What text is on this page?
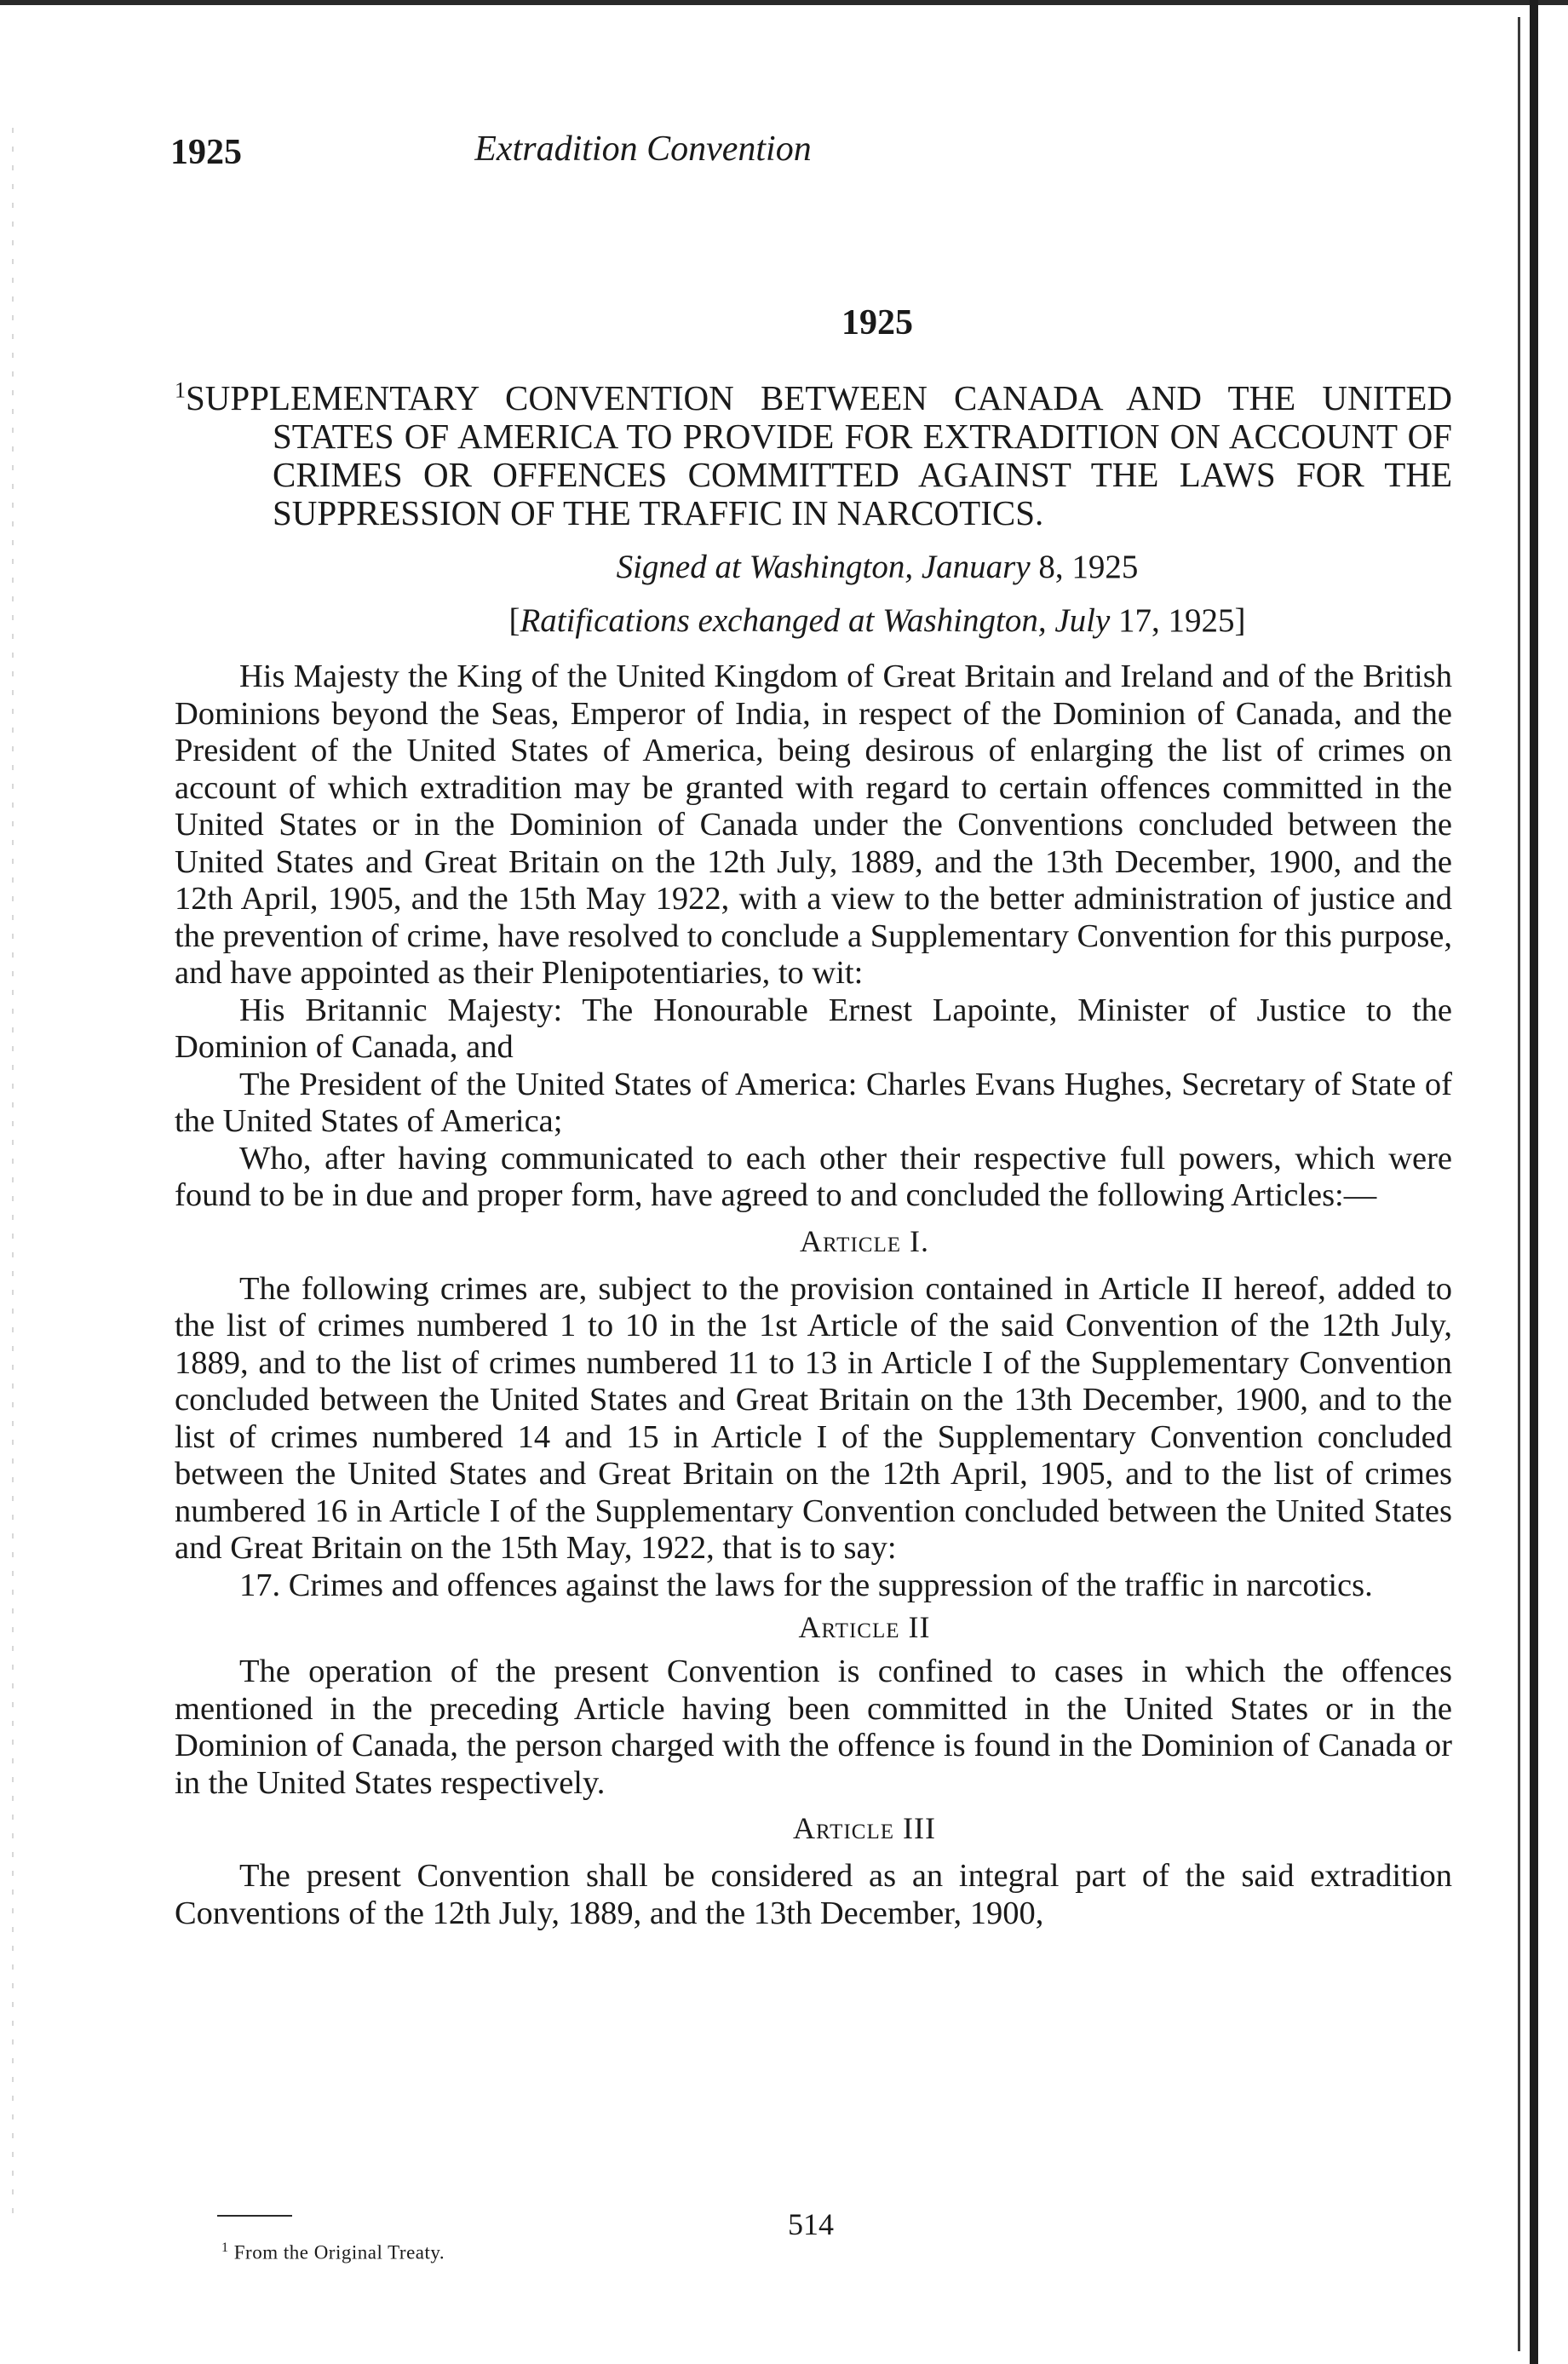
1925	Extradition Convention
1925
$^1$SUPPLEMENTARY CONVENTION BETWEEN CANADA AND THE UNITED STATES OF AMERICA TO PROVIDE FOR EXTRADITION ON ACCOUNT OF CRIMES OR OFFENCES COMMITTED AGAINST THE LAWS FOR THE SUPPRESSION OF THE TRAFFIC IN NARCOTICS.
Signed at Washington, January 8, 1925
[Ratifications exchanged at Washington, July 17, 1925]

His Majesty the King of the United Kingdom of Great Britain and Ireland and of the British Dominions beyond the Seas, Emperor of India, in respect of the Dominion of Canada, and the President of the United States of America, being desirous of enlarging the list of crimes on account of which extradition may be granted with regard to certain offences committed in the United States or in the Dominion of Canada under the Conventions concluded between the United States and Great Britain on the 12th July, 1889, and the 13th December, 1900, and the 12th April, 1905, and the 15th May 1922, with a view to the better administration of justice and the prevention of crime, have resolved to conclude a Supplementary Convention for this purpose, and have appointed as their Plenipotentiaries, to wit:

His Britannic Majesty: The Honourable Ernest Lapointe, Minister of Justice to the Dominion of Canada, and

The President of the United States of America: Charles Evans Hughes, Secretary of State of the United States of America;

Who, after having communicated to each other their respective full powers, which were found to be in due and proper form, have agreed to and concluded the following Articles:—

Article I.

The following crimes are, subject to the provision contained in Article II hereof, added to the list of crimes numbered 1 to 10 in the 1st Article of the said Convention of the 12th July, 1889, and to the list of crimes numbered 11 to 13 in Article I of the Supplementary Convention concluded between the United States and Great Britain on the 13th December, 1900, and to the list of crimes numbered 14 and 15 in Article I of the Supplementary Convention concluded between the United States and Great Britain on the 12th April, 1905, and to the list of crimes numbered 16 in Article I of the Supplementary Convention concluded between the United States and Great Britain on the 15th May, 1922, that is to say:

17. Crimes and offences against the laws for the suppression of the traffic in narcotics.

Article II

The operation of the present Convention is confined to cases in which the offences mentioned in the preceding Article having been committed in the United States or in the Dominion of Canada, the person charged with the offence is found in the Dominion of Canada or in the United States respectively.

Article III

The present Convention shall be considered as an integral part of the said extradition Conventions of the 12th July, 1889, and the 13th December, 1900,

514
$^1$ From the Original Treaty.
